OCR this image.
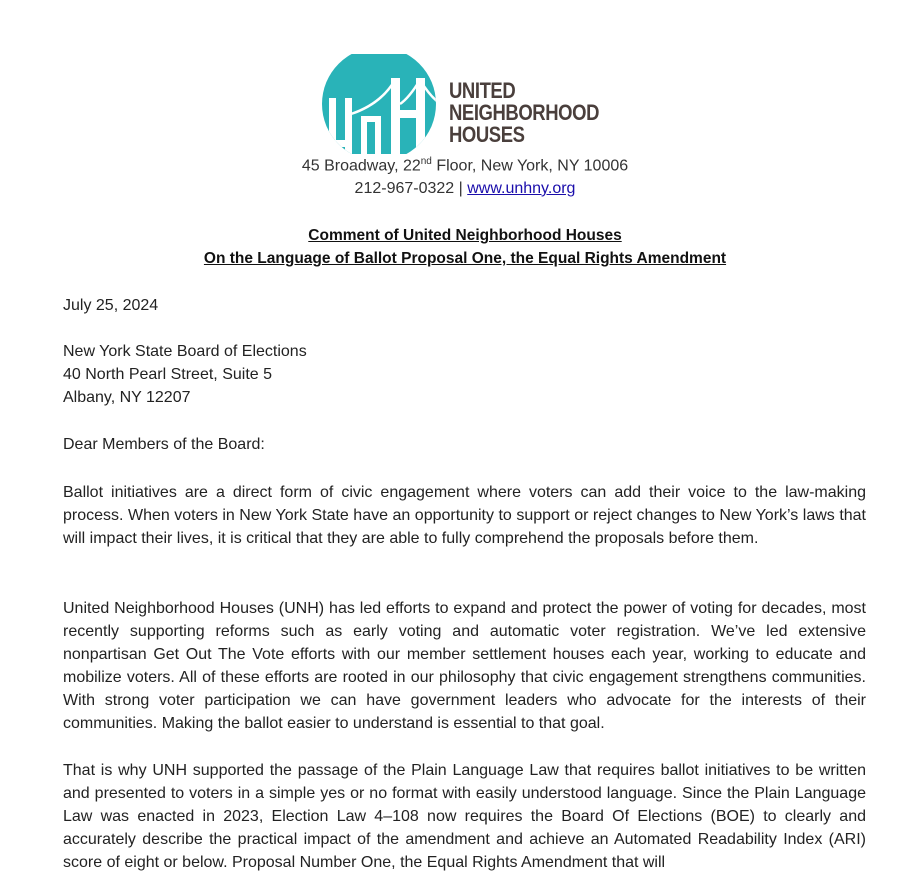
UNITED
NEIGHBORHOOD
HOUSES
45 Broadway, 22nd Floor, New York, NY 10006
212-967-0322 | www.unhny.org
Comment of United Neighborhood Houses
On the Language of Ballot Proposal One, the Equal Rights Amendment
July 25, 2024
New York State Board of Elections
40 North Pearl Street, Suite 5
Albany, NY 12207
Dear Members of the Board:

Ballot initiatives are a direct form of civic engagement where voters can add their voice to the law-making process. When voters in New York State have an opportunity to support or reject changes to New York’s laws that will impact their lives, it is critical that they are able to fully comprehend the proposals before them.

United Neighborhood Houses (UNH) has led efforts to expand and protect the power of voting for decades, most recently supporting reforms such as early voting and automatic voter registration. We’ve led extensive nonpartisan Get Out The Vote efforts with our member settlement houses each year, working to educate and mobilize voters. All of these efforts are rooted in our philosophy that civic engagement strengthens communities. With strong voter participation we can have government leaders who advocate for the interests of their communities. Making the ballot easier to understand is essential to that goal.

That is why UNH supported the passage of the Plain Language Law that requires ballot initiatives to be written and presented to voters in a simple yes or no format with easily understood language. Since the Plain Language Law was enacted in 2023, Election Law 4–108 now requires the Board Of Elections (BOE) to clearly and accurately describe the practical impact of the amendment and achieve an Automated Readability Index (ARI) score of eight or below. Proposal Number One, the Equal Rights Amendment that will
